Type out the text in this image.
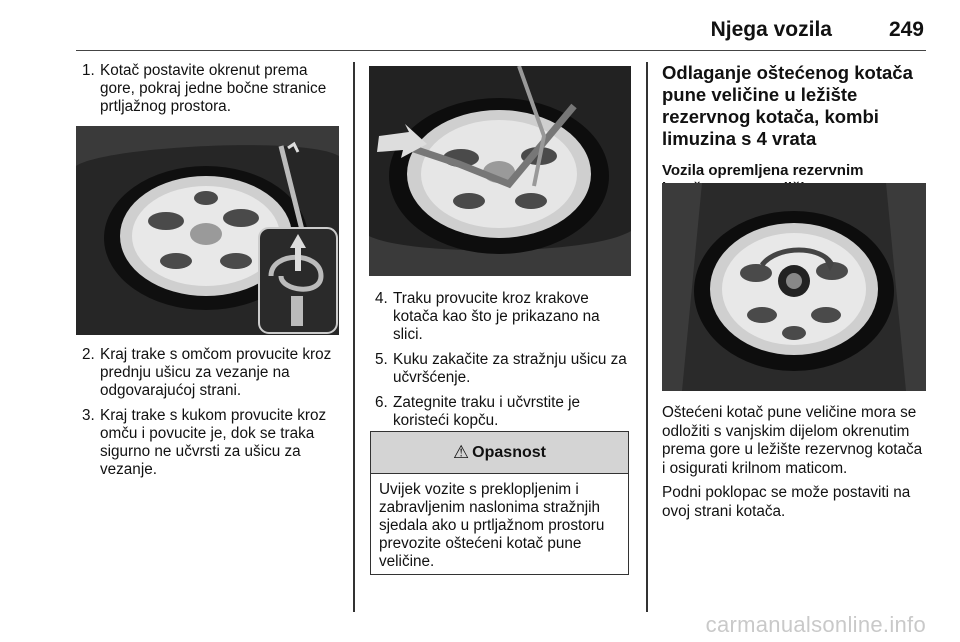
Njega vozila	249
1. Kotač postavite okrenut prema gore, pokraj jedne bočne stranice prtljažnog prostora.
2. Kraj trake s omčom provucite kroz prednju ušicu za vezanje na odgovarajućoj strani.
3. Kraj trake s kukom provucite kroz omču i povucite je, dok se traka sigurno ne učvrsti za ušicu za vezanje.
4. Traku provucite kroz krakove kotača kao što je prikazano na slici.
5. Kuku zakačite za stražnju ušicu za učvršćenje.
6. Zategnite traku i učvrstite je koristeći kopču.
⚠ Opasnost
Uvijek vozite s preklopljenim i zabravljenim naslonima stražnjih sjedala ako u prtljažnom prostoru prevozite oštećeni kotač pune veličine.
Odlaganje oštećenog kotača pune veličine u ležište rezervnog kotača, kombi limuzina s 4 vrata
Vozila opremljena rezervnim

Oštećeni kotač pune veličine mora se odložiti s vanjskim dijelom okrenutim prema gore u ležište rezervnog kotača i osigurati krilnom maticom.

Podni poklopac se može postaviti na ovoj strani kotača.

carmanualsonline.info
